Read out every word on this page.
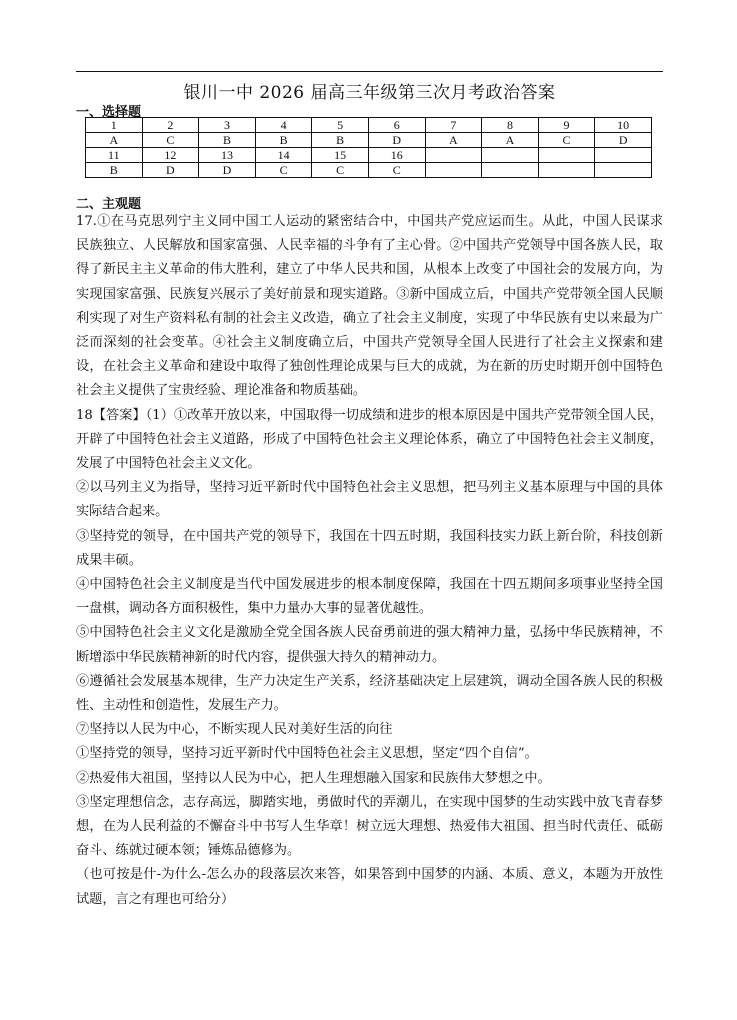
银川一中 2026 届高三年级第三次月考政治答案
一、选择题
1	2	3	4	5	6	7	8	9	10
A	C	B	B	B	D	A	A	C	D
11	12	13	14	15	16				
B	D	D	C	C	C				
二、主观题

17.①在马克思列宁主义同中国工人运动的紧密结合中，中国共产党应运而生。从此，中国人民谋求民族独立、人民解放和国家富强、人民幸福的斗争有了主心骨。②中国共产党领导中国各族人民，取得了新民主主义革命的伟大胜利，建立了中华人民共和国，从根本上改变了中国社会的发展方向，为实现国家富强、民族复兴展示了美好前景和现实道路。③新中国成立后，中国共产党带领全国人民顺利实现了对生产资料私有制的社会主义改造，确立了社会主义制度，实现了中华民族有史以来最为广泛而深刻的社会变革。④社会主义制度确立后，中国共产党领导全国人民进行了社会主义探索和建设，在社会主义革命和建设中取得了独创性理论成果与巨大的成就，为在新的历史时期开创中国特色社会主义提供了宝贵经验、理论准备和物质基础。

18【答案】（1）①改革开放以来，中国取得一切成绩和进步的根本原因是中国共产党带领全国人民，开辟了中国特色社会主义道路，形成了中国特色社会主义理论体系，确立了中国特色社会主义制度，发展了中国特色社会主义文化。

②以马列主义为指导，坚持习近平新时代中国特色社会主义思想，把马列主义基本原理与中国的具体实际结合起来。

③坚持党的领导，在中国共产党的领导下，我国在十四五时期，我国科技实力跃上新台阶，科技创新成果丰硕。

④中国特色社会主义制度是当代中国发展进步的根本制度保障，我国在十四五期间多项事业坚持全国一盘棋，调动各方面积极性，集中力量办大事的显著优越性。

⑤中国特色社会主义文化是激励全党全国各族人民奋勇前进的强大精神力量，弘扬中华民族精神，不断增添中华民族精神新的时代内容，提供强大持久的精神动力。

⑥遵循社会发展基本规律，生产力决定生产关系，经济基础决定上层建筑，调动全国各族人民的积极性、主动性和创造性，发展生产力。

⑦坚持以人民为中心，不断实现人民对美好生活的向往

①坚持党的领导，坚持习近平新时代中国特色社会主义思想，坚定“四个自信”。

②热爱伟大祖国，坚持以人民为中心，把人生理想融入国家和民族伟大梦想之中。

③坚定理想信念，志存高远，脚踏实地，勇做时代的弄潮儿，在实现中国梦的生动实践中放飞青春梦想，在为人民利益的不懈奋斗中书写人生华章！树立远大理想、热爱伟大祖国、担当时代责任、砥砺奋斗、练就过硬本领；锤炼品德修为。

（也可按是什-为什么-怎么办的段落层次来答，如果答到中国梦的内涵、本质、意义，本题为开放性试题，言之有理也可给分）
